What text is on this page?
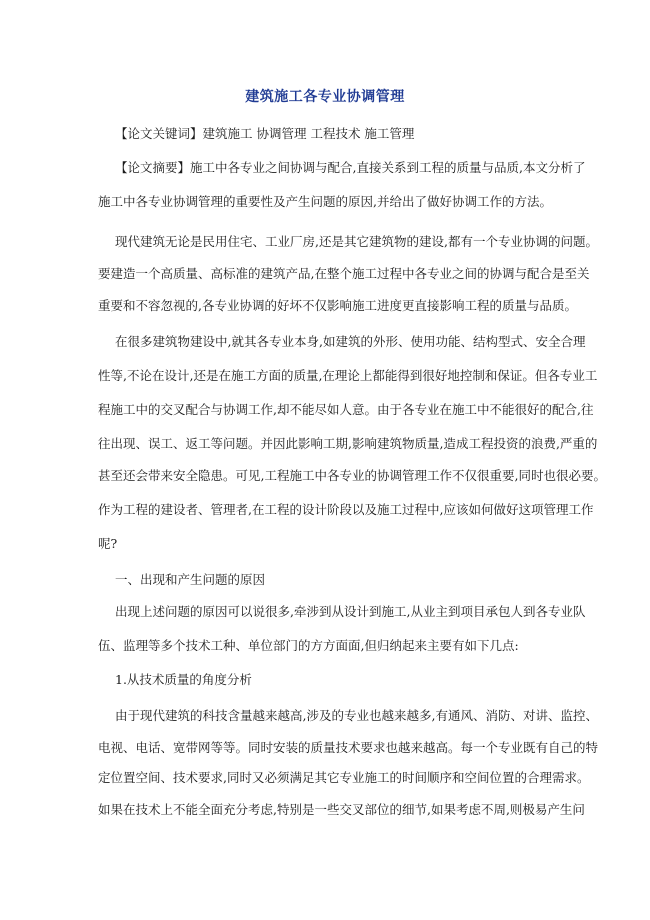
建筑施工各专业协调管理
【论文关键词】建筑施工 协调管理 工程技术 施工管理
【论文摘要】施工中各专业之间协调与配合,直接关系到工程的质量与品质,本文分析了
施工中各专业协调管理的重要性及产生问题的原因,并给出了做好协调工作的方法。
现代建筑无论是民用住宅、工业厂房,还是其它建筑物的建设,都有一个专业协调的问题。
要建造一个高质量、高标准的建筑产品,在整个施工过程中各专业之间的协调与配合是至关
重要和不容忽视的,各专业协调的好坏不仅影响施工进度更直接影响工程的质量与品质。
在很多建筑物建设中,就其各专业本身,如建筑的外形、使用功能、结构型式、安全合理
性等,不论在设计,还是在施工方面的质量,在理论上都能得到很好地控制和保证。但各专业工
程施工中的交叉配合与协调工作,却不能尽如人意。由于各专业在施工中不能很好的配合,往
往出现、误工、返工等问题。并因此影响工期,影响建筑物质量,造成工程投资的浪费,严重的
甚至还会带来安全隐患。可见,工程施工中各专业的协调管理工作不仅很重要,同时也很必要。
作为工程的建设者、管理者,在工程的设计阶段以及施工过程中,应该如何做好这项管理工作
呢?
一、出现和产生问题的原因
出现上述问题的原因可以说很多,牵涉到从设计到施工,从业主到项目承包人到各专业队
伍、监理等多个技术工种、单位部门的方方面面,但归纳起来主要有如下几点:
1.从技术质量的角度分析
由于现代建筑的科技含量越来越高,涉及的专业也越来越多,有通风、消防、对讲、监控、
电视、电话、宽带网等等。同时安装的质量技术要求也越来越高。每一个专业既有自己的特
定位置空间、技术要求,同时又必须满足其它专业施工的时间顺序和空间位置的合理需求。
如果在技术上不能全面充分考虑,特别是一些交叉部位的细节,如果考虑不周,则极易产生问
